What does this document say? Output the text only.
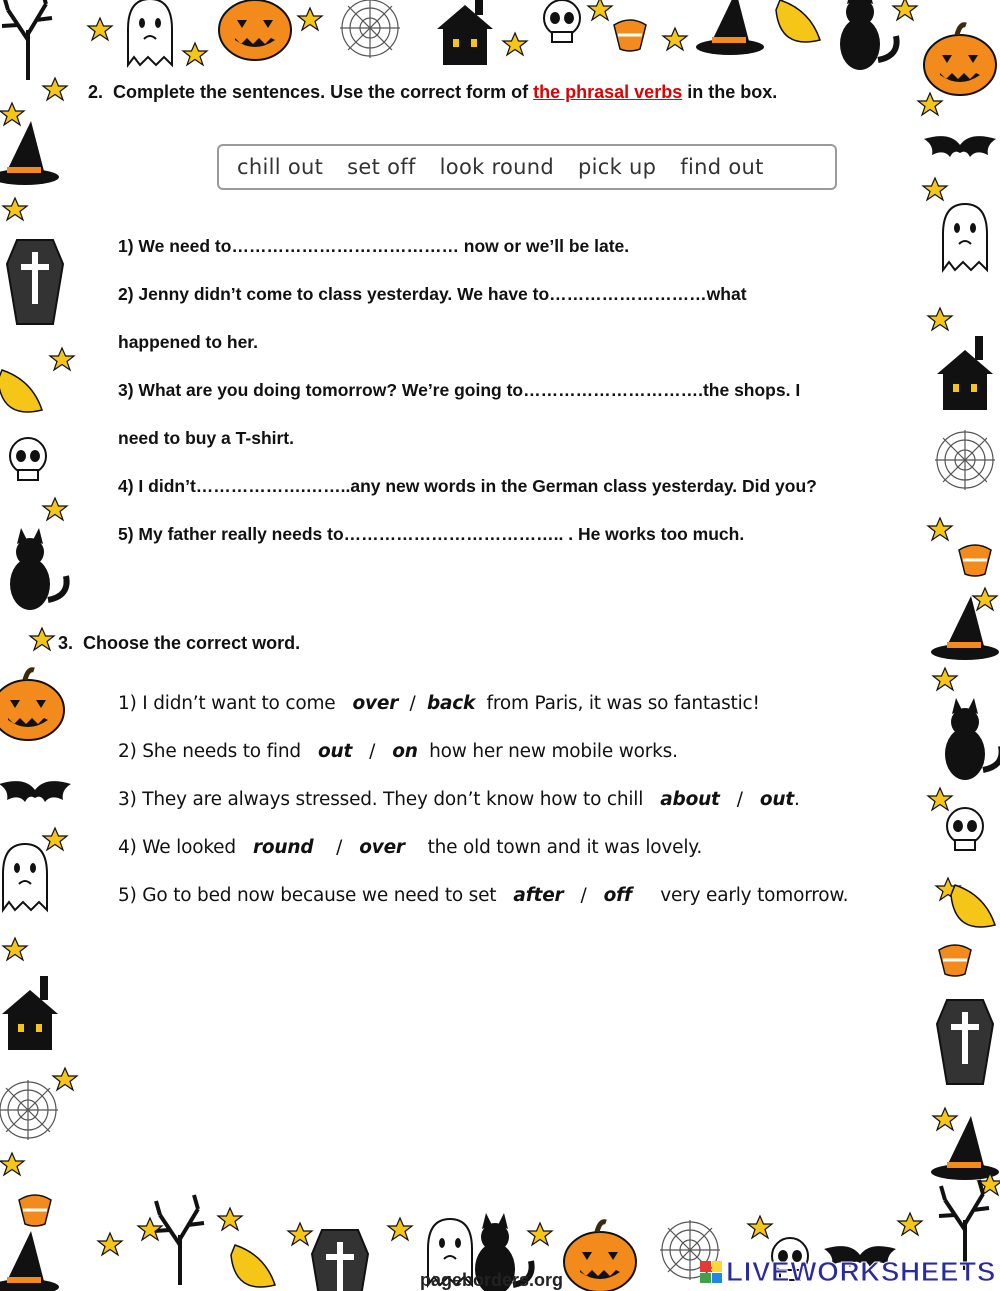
2. Complete the sentences. Use the correct form of the phrasal verbs in the box.
chill out set off look round pick up find out
1) We need to………………………………… now or we’ll be late.
2) Jenny didn’t come to class yesterday. We have to………………………what
happened to her.
3) What are you doing tomorrow? We’re going to………………………….the shops. I
need to buy a T-shirt.
4) I didn’t……………….……..any new words in the German class yesterday. Did you?
5) My father really needs to……………………………….. . He works too much.
3. Choose the correct word.
1) I didn’t want to come   over / back  from Paris, it was so fantastic!
2) She needs to find   out / on  how her new mobile works.
3) They are always stressed. They don’t know how to chill   about / out.
4) We looked   round / over    the old town and it was lovely.
5) Go to bed now because we need to set   after / off     very early tomorrow.
pageborders.org	LIVEWORKSHEETS
